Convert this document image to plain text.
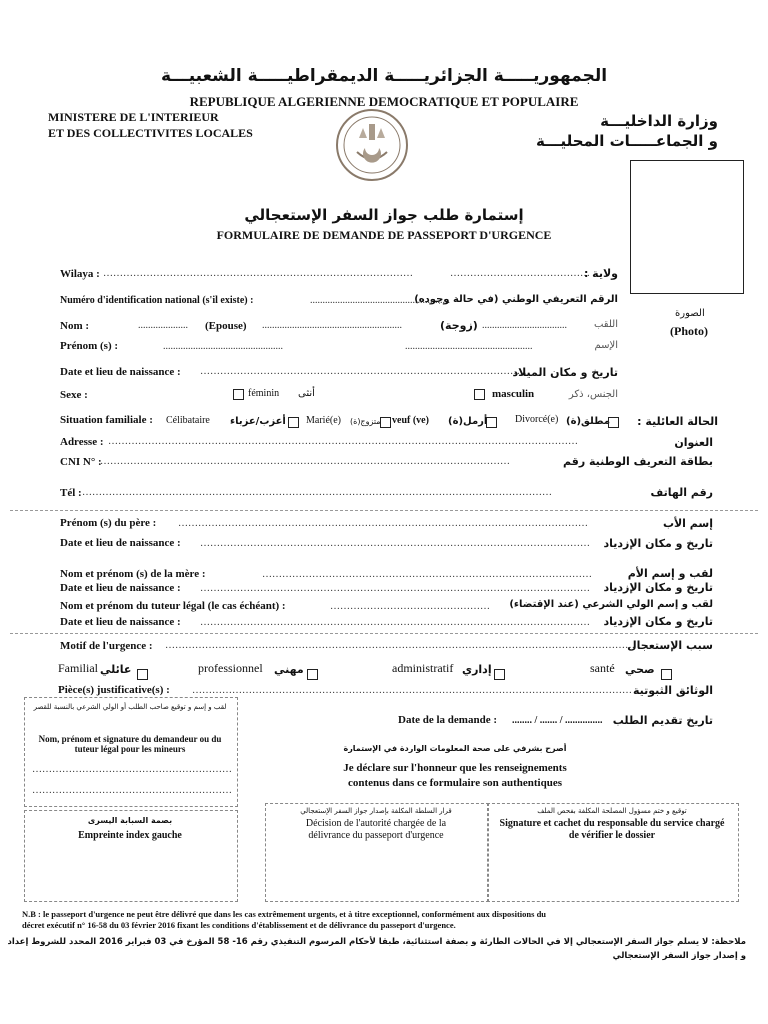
الجمهوريـــــة الجزائريـــــة الديمقراطيـــــة الشعبيـــة
REPUBLIQUE ALGERIENNE DEMOCRATIQUE ET POPULAIRE
MINISTERE DE L'INTERIEUR
ET DES COLLECTIVITES LOCALES
وزارة الداخليـــة
و الجماعـــــات المحليـــة
الصورة
(Photo)
إستمارة طلب جواز السفر الإستعجالي
FORMULAIRE DE DEMANDE DE PASSEPORT D'URGENCE
Wilaya : …………………………………………………………………………………	……………………………………
ولاية :
Numéro d'identification national (s'il existe) :	........................................................
الرقم التعريفي الوطني (في حالة وجوده)
Nom :	.................... (Epouse) ........................................................	(زوجة) ..................................	اللقب
Prénom (s) :	................................................	...................................................	الإسم
Date et lieu de naissance : ………………………………………………………………………………………
تاريخ و مكان الميلاد
Sexe :	féminin أنثى	masculin	الجنس، ذكر
Situation familiale : Célibataire أعزب/عزباء Marié(e) متزوج(ة) veuf (ve) أرمل(ة)	Divorcé(e) مطلق(ة) الحالة العائلية :
Adresse : ……………………………………………………………………………………………………………………………	العنوان
CNI N° :
……………………………………………………………………………………………………………	بطاقة التعريف الوطنية رقم
Tél : ……………………………………………………………………………………………………………………………	رقم الهاتف
Prénom (s) du père : ……………………………………………………………………………………………………………	إسم الأب
Date et lieu de naissance : ……………………………………………………………………………………………………… تاريخ و مكان الإزدياد
Nom et prénom (s) de la mère :	………………………………………………………………………………………	لقب و إسم الأم
Date et lieu de naissance : ……………………………………………………………………………………………………… تاريخ و مكان الإزدياد
Nom et prénom du tuteur légal (le cas échéant) :	………………………………………… لقب و إسم الولي الشرعي (عند الإقتضاء)
Date et lieu de naissance : ……………………………………………………………………………………………………… تاريخ و مكان الإزدياد
Motif de l'urgence : ……………………………………………………………………………………………………………………………
سبب الإستعجال
Familial عائلي	professionnel مهني	administratif إداري	santé صحي
Pièce(s) justificative(s) : …………………………………………………………………………………………………………………… الوثائق الثبوتية
لقب و إسم و توقيع صاحب الطلب أو الولي الشرعي بالنسبة للقصر
Nom, prénom et signature du demandeur ou du tuteur légal pour les mineurs
……………………………………………………
……………………………………………………
Date de la demande : ........ / ....... / ............... تاريخ تقديم الطلب
أصرح بشرفي على صحة المعلومات الواردة في الإستمارة
Je déclare sur l'honneur que les renseignements
contenus dans ce formulaire son authentiques
بصمة السبابة اليسرى
Empreinte index gauche
قرار السلطة المكلفة بإصدار جواز السفر الإستعجالي
Décision de l'autorité chargée de la
délivrance du passeport d'urgence
توقيع و ختم مسؤول المصلحة المكلفة بفحص الملف
Signature et cachet du responsable du service chargé
de vérifier le dossier
N.B : le passeport d'urgence ne peut être délivré que dans les cas extrêmement urgents, et à titre exceptionnel, conformément aux dispositions du
décret exécutif n° 16-58 du 03 février 2016 fixant les conditions d'établissement et de délivrance du passeport d'urgence.
ملاحظة: لا يسلم جواز السفر الإستعجالي إلا في الحالات الطارئة و بصفة استثنائية، طبقا لأحكام المرسوم التنفيذي رقم 16- 58 المؤرخ في 03 فبراير 2016 المحدد للشروط إعداد
و إصدار جواز السفر الإستعجالي
